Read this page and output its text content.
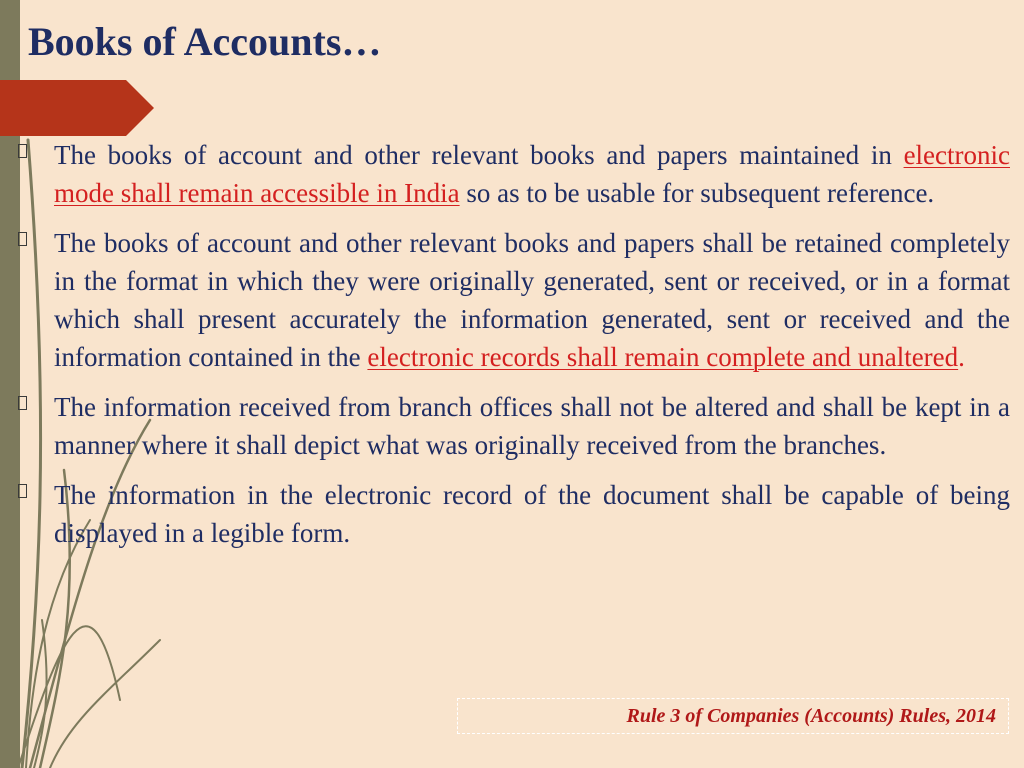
Books of Accounts…
The books of account and other relevant books and papers maintained in electronic mode shall remain accessible in India so as to be usable for subsequent reference.
The books of account and other relevant books and papers shall be retained completely in the format in which they were originally generated, sent or received, or in a format which shall present accurately the information generated, sent or received and the information contained in the electronic records shall remain complete and unaltered.
The information received from branch offices shall not be altered and shall be kept in a manner where it shall depict what was originally received from the branches.
The information in the electronic record of the document shall be capable of being displayed in a legible form.
Rule 3 of Companies (Accounts) Rules, 2014
